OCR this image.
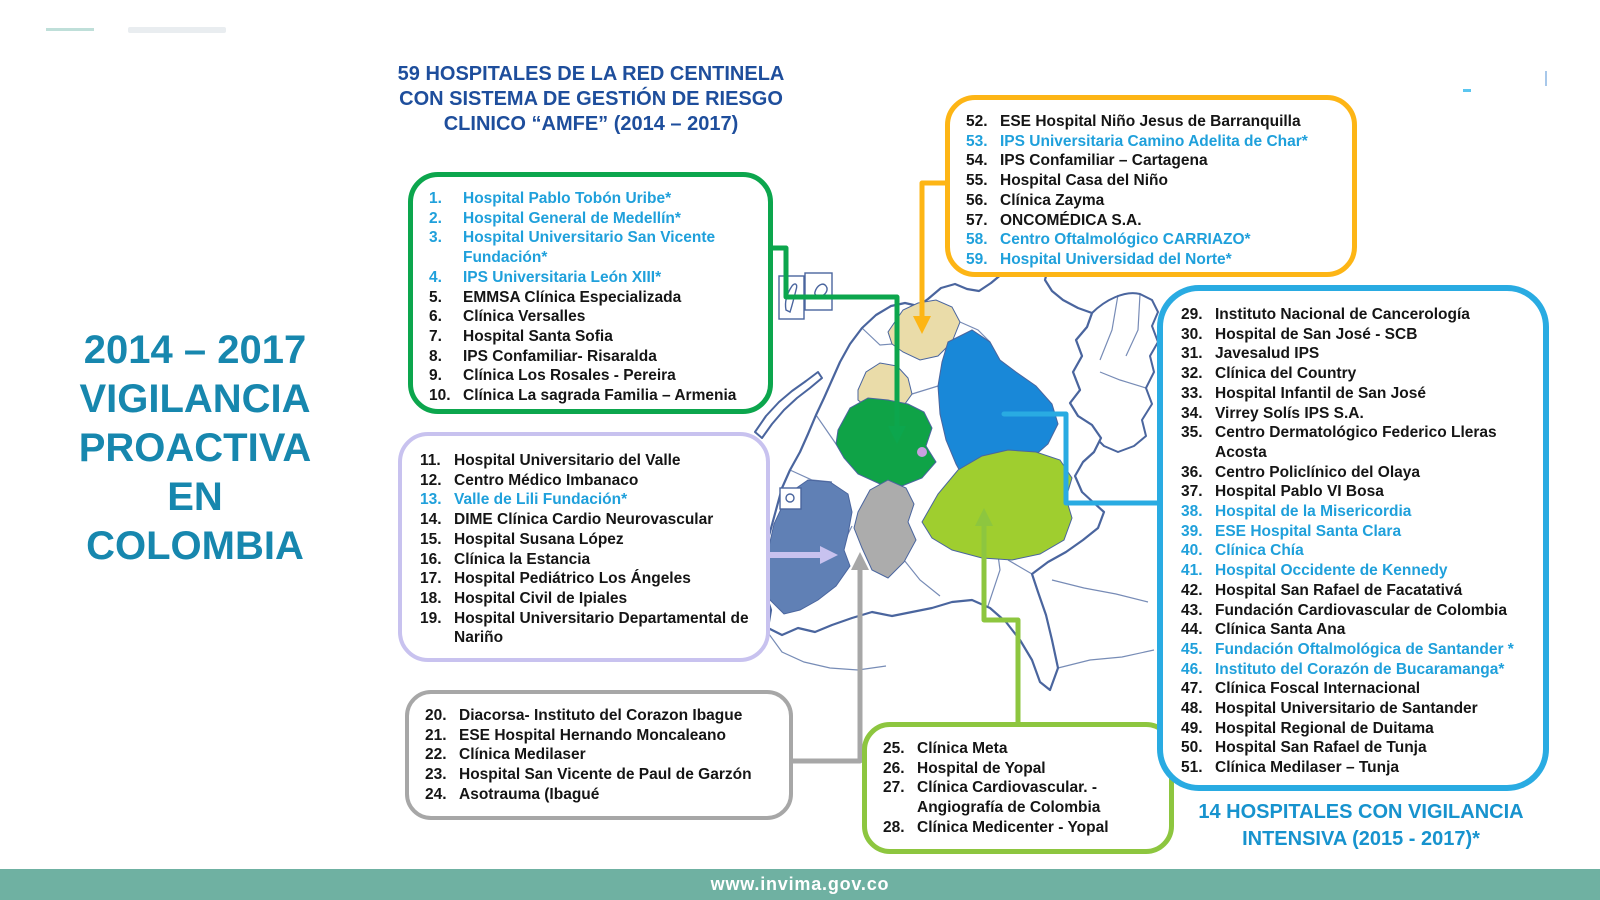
2014 – 2017
VIGILANCIA
PROACTIVA
EN
COLOMBIA
59 HOSPITALES DE LA RED CENTINELA
CON SISTEMA DE GESTIÓN DE RIESGO
CLINICO “AMFE” (2014 – 2017)
14 HOSPITALES CON VIGILANCIA
INTENSIVA (2015 - 2017)*
1.	Hospital Pablo Tobón Uribe*
2.	Hospital General de Medellín*
3.	Hospital Universitario San Vicente Fundación*
4.	IPS Universitaria León XIII*
5.	EMMSA Clínica Especializada
6.	Clínica Versalles
7.	Hospital Santa Sofia
8.	IPS Confamiliar- Risaralda
9.	Clínica Los Rosales - Pereira
10. Clínica La sagrada Familia – Armenia
11. Hospital Universitario del Valle
12. Centro Médico Imbanaco
13. Valle de Lili Fundación*
14. DIME Clínica Cardio Neurovascular
15. Hospital Susana López
16. Clínica la Estancia
17. Hospital Pediátrico Los Ángeles
18. Hospital Civil de Ipiales
19. Hospital Universitario Departamental de Nariño
20. Diacorsa- Instituto del Corazon Ibague
21. ESE Hospital Hernando Moncaleano
22. Clínica Medilaser
23. Hospital San Vicente de Paul de Garzón
24. Asotrauma (Ibagué
25. Clínica Meta
26. Hospital de Yopal
27. Clínica Cardiovascular. - Angiografía de Colombia
28. Clínica Medicenter - Yopal
52. ESE Hospital Niño Jesus de Barranquilla
53. IPS Universitaria Camino Adelita de Char*
54. IPS Confamiliar – Cartagena
55. Hospital Casa del Niño
56. Clínica Zayma
57. ONCOMÉDICA S.A.
58. Centro Oftalmológico CARRIAZO*
59. Hospital Universidad del Norte*
29. Instituto Nacional de Cancerología
30. Hospital de San José - SCB
31. Javesalud IPS
32. Clínica del Country
33. Hospital Infantil de San José
34. Virrey Solís IPS S.A.
35. Centro Dermatológico Federico Lleras Acosta
36. Centro Policlínico del Olaya
37. Hospital Pablo VI Bosa
38. Hospital de la Misericordia
39. ESE Hospital Santa Clara
40. Clínica Chía
41. Hospital Occidente de Kennedy
42. Hospital San Rafael de Facatativá
43. Fundación Cardiovascular de Colombia
44. Clínica Santa Ana
45. Fundación Oftalmológica de Santander *
46. Instituto del Corazón de Bucaramanga*
47. Clínica Foscal Internacional
48. Hospital Universitario de Santander
49. Hospital Regional de Duitama
50. Hospital San Rafael de Tunja
51. Clínica Medilaser – Tunja
www.invima.gov.co
